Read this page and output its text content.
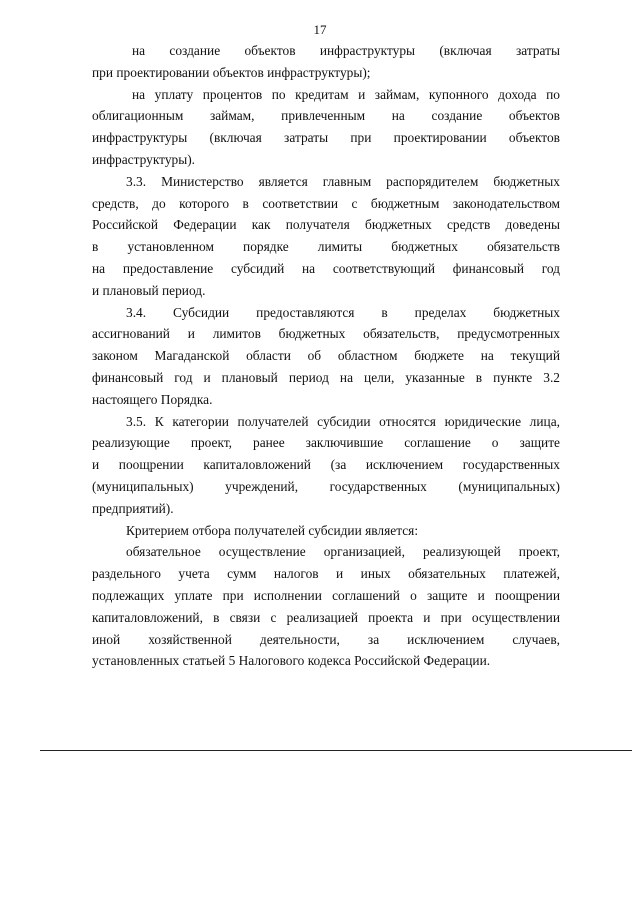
17
на создание объектов инфраструктуры (включая затраты
при проектировании объектов инфраструктуры);
на уплату процентов по кредитам и займам, купонного дохода по
облигационным займам, привлеченным на создание объектов
инфраструктуры (включая затраты при проектировании объектов
инфраструктуры).
3.3. Министерство является главным распорядителем бюджетных
средств, до которого в соответствии с бюджетным законодательством
Российской Федерации как получателя бюджетных средств доведены
в установленном порядке лимиты бюджетных обязательств
на предоставление субсидий на соответствующий финансовый год
и плановый период.
3.4. Субсидии предоставляются в пределах бюджетных
ассигнований и лимитов бюджетных обязательств, предусмотренных
законом Магаданской области об областном бюджете на текущий
финансовый год и плановый период на цели, указанные в пункте 3.2
настоящего Порядка.
3.5. К категории получателей субсидии относятся юридические лица,
реализующие проект, ранее заключившие соглашение о защите
и поощрении капиталовложений (за исключением государственных
(муниципальных) учреждений, государственных (муниципальных)
предприятий).
Критерием отбора получателей субсидии является:
обязательное осуществление организацией, реализующей проект,
раздельного учета сумм налогов и иных обязательных платежей,
подлежащих уплате при исполнении соглашений о защите и поощрении
капиталовложений, в связи с реализацией проекта и при осуществлении
иной хозяйственной деятельности, за исключением случаев,
установленных статьей 5 Налогового кодекса Российской Федерации.
